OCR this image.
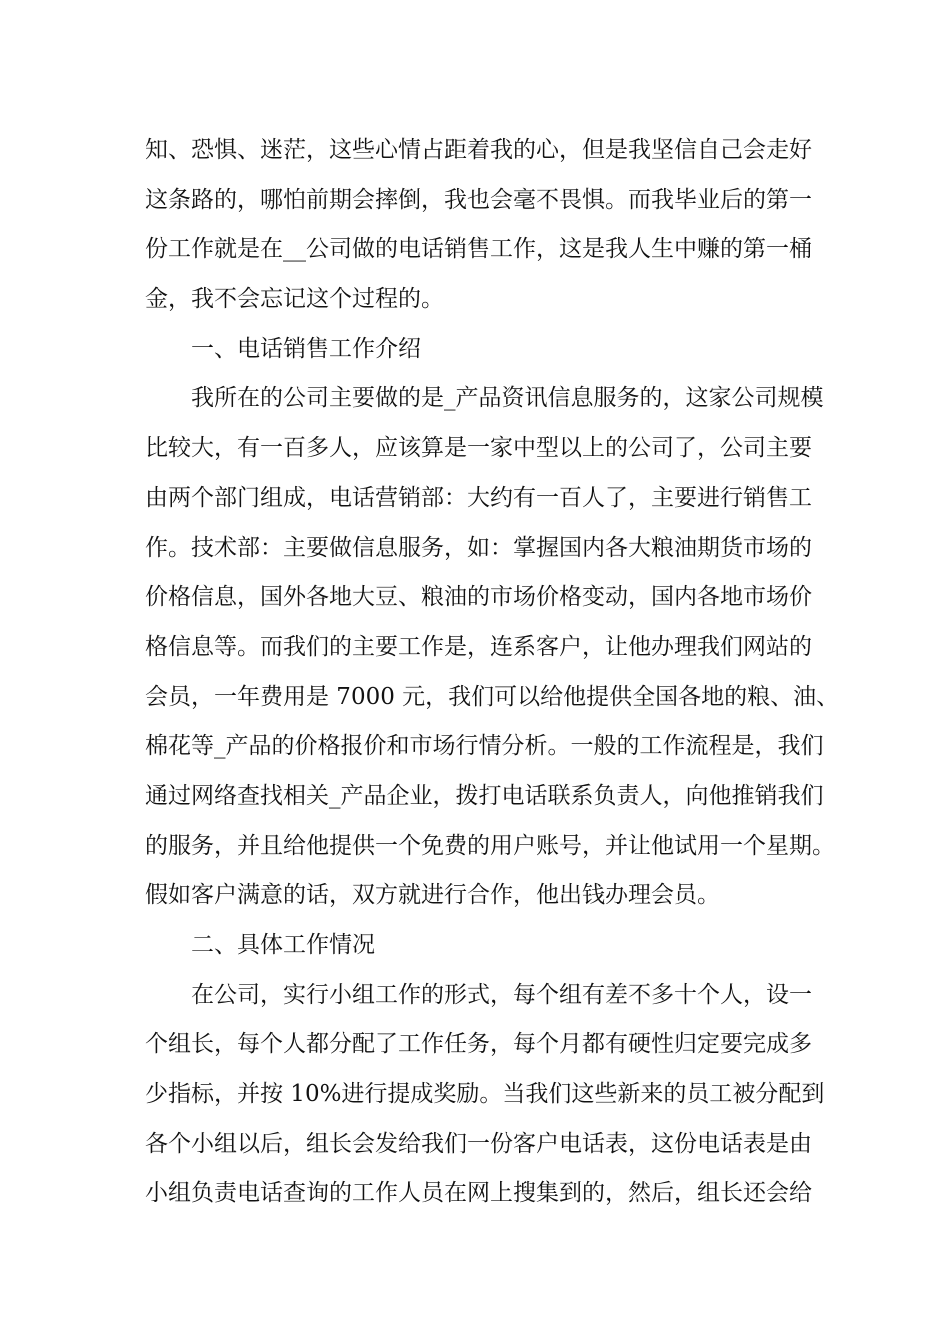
知、恐惧、迷茫，这些心情占距着我的心，但是我坚信自己会走好
这条路的，哪怕前期会摔倒，我也会毫不畏惧。而我毕业后的第一
份工作就是在__公司做的电话销售工作，这是我人生中赚的第一桶
金，我不会忘记这个过程的。
一、电话销售工作介绍
我所在的公司主要做的是_产品资讯信息服务的，这家公司规模
比较大，有一百多人，应该算是一家中型以上的公司了，公司主要
由两个部门组成，电话营销部：大约有一百人了，主要进行销售工
作。技术部：主要做信息服务，如：掌握国内各大粮油期货市场的
价格信息，国外各地大豆、粮油的市场价格变动，国内各地市场价
格信息等。而我们的主要工作是，连系客户，让他办理我们网站的
会员，一年费用是 7000 元，我们可以给他提供全国各地的粮、油、
棉花等_产品的价格报价和市场行情分析。一般的工作流程是，我们
通过网络查找相关_产品企业，拨打电话联系负责人，向他推销我们
的服务，并且给他提供一个免费的用户账号，并让他试用一个星期。
假如客户满意的话，双方就进行合作，他出钱办理会员。
二、具体工作情况
在公司，实行小组工作的形式，每个组有差不多十个人，设一
个组长，每个人都分配了工作任务，每个月都有硬性归定要完成多
少指标，并按 10%进行提成奖励。当我们这些新来的员工被分配到
各个小组以后，组长会发给我们一份客户电话表，这份电话表是由
小组负责电话查询的工作人员在网上搜集到的，然后，组长还会给
